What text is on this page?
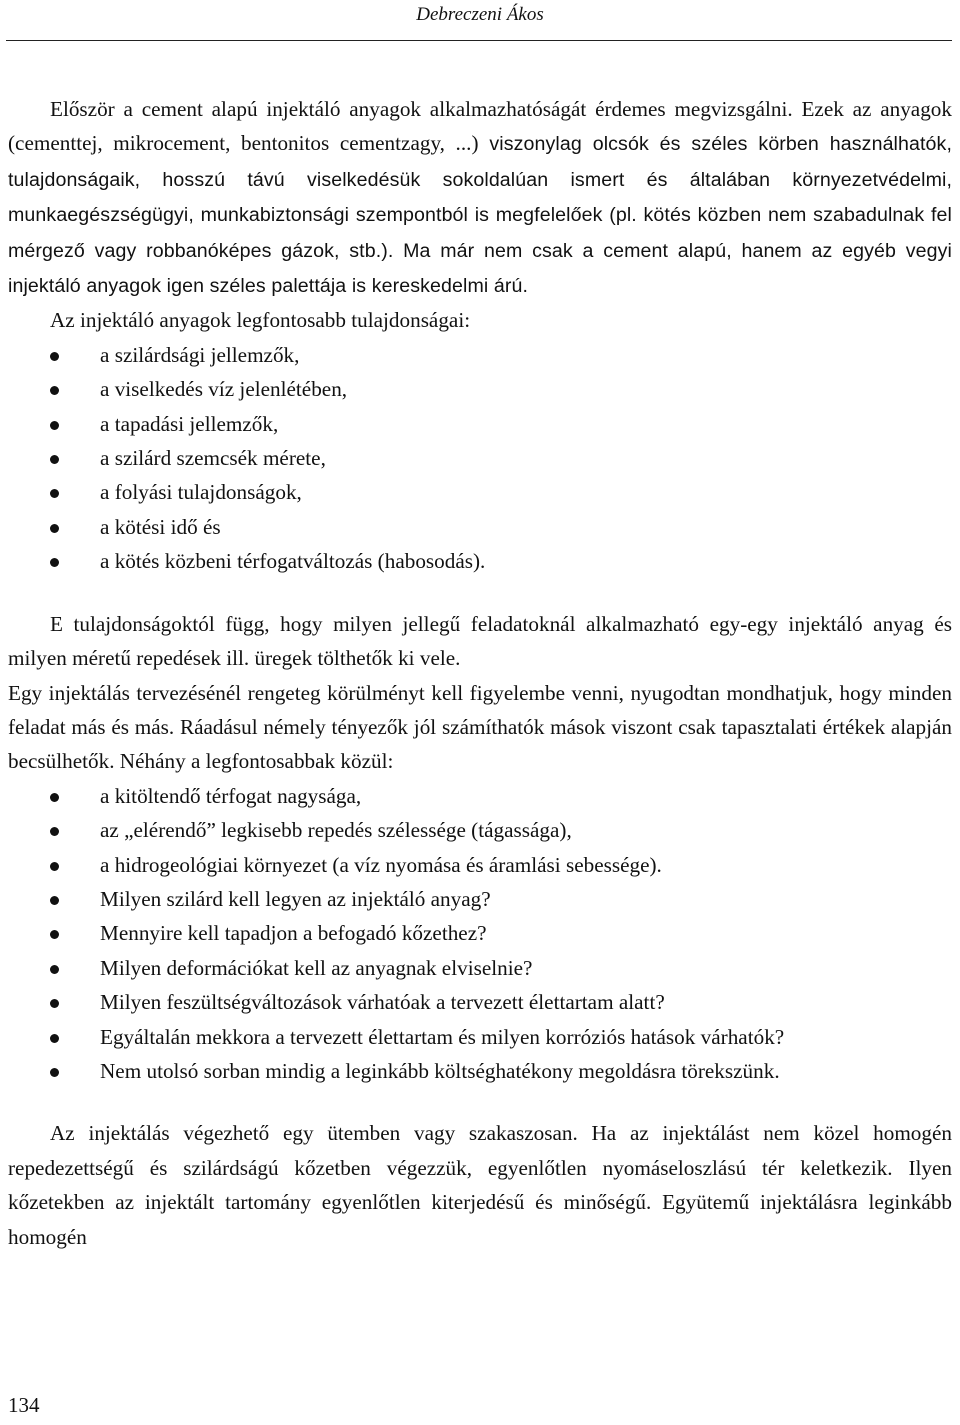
Debreczeni Ákos

Először a cement alapú injektáló anyagok alkalmazhatóságát érdemes megvizsgálni. Ezek az anyagok (cementtej, mikrocement, bentonitos cementzagy, ...) viszonylag olcsók és széles körben használhatók, tulajdonságaik, hosszú távú viselkedésük sokoldalúan ismert és általában környezetvédelmi, munkaegészségügyi, munkabiztonsági szempontból is megfelelőek (pl. kötés közben nem szabadulnak fel mérgező vagy robbanóképes gázok, stb.). Ma már nem csak a cement alapú, hanem az egyéb vegyi injektáló anyagok igen széles palettája is kereskedelmi árú.

Az injektáló anyagok legfontosabb tulajdonságai:

a szilárdsági jellemzők,
a viselkedés víz jelenlétében,
a tapadási jellemzők,
a szilárd szemcsék mérete,
a folyási tulajdonságok,
a kötési idő és
a kötés közbeni térfogatváltozás (habosodás).

E tulajdonságoktól függ, hogy milyen jellegű feladatoknál alkalmazható egy-egy injektáló anyag és milyen méretű repedések ill. üregek tölthetők ki vele.

Egy injektálás tervezésénél rengeteg körülményt kell figyelembe venni, nyugodtan mondhatjuk, hogy minden feladat más és más. Ráadásul némely tényezők jól számíthatók mások viszont csak tapasztalati értékek alapján becsülhetők. Néhány a legfontosabbak közül:

a kitöltendő térfogat nagysága,
az „elérendő” legkisebb repedés szélessége (tágassága),
a hidrogeológiai környezet (a víz nyomása és áramlási sebessége).
Milyen szilárd kell legyen az injektáló anyag?
Mennyire kell tapadjon a befogadó kőzethez?
Milyen deformációkat kell az anyagnak elviselnie?
Milyen feszültségváltozások várhatóak a tervezett élettartam alatt?
Egyáltalán mekkora a tervezett élettartam és milyen korróziós hatások várhatók?
Nem utolsó sorban mindig a leginkább költséghatékony megoldásra törekszünk.

Az injektálás végezhető egy ütemben vagy szakaszosan. Ha az injektálást nem közel homogén repedezettségű és szilárdságú kőzetben végezzük, egyenlőtlen nyomáseloszlású tér keletkezik. Ilyen kőzetekben az injektált tartomány egyenlőtlen kiterjedésű és minőségű. Együtemű injektálásra leginkább homogén

134
